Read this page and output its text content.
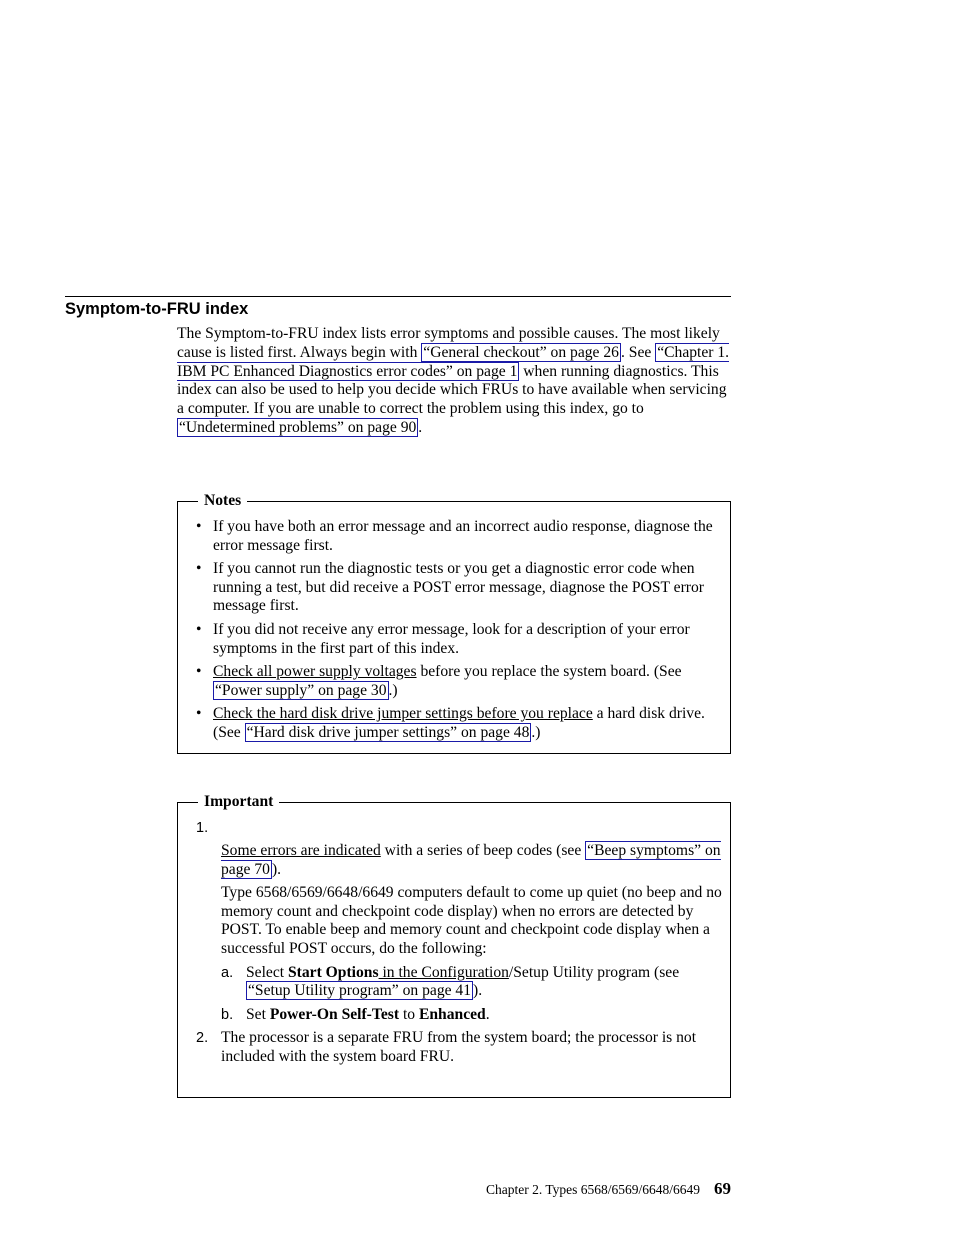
Symptom-to-FRU index

The Symptom-to-FRU index lists error symptoms and possible causes. The most likely cause is listed first. Always begin with “General checkout” on page 26 . See “Chapter 1. IBM PC Enhanced Diagnostics error codes” on page 1 when running diagnostics. This index can also be used to help you decide which FRUs to have available when servicing a computer. If you are unable to correct the problem using this index, go to “Undetermined problems” on page 90 .

Notes
• If you have both an error message and an incorrect audio response, diagnose the error message first.
• If you cannot run the diagnostic tests or you get a diagnostic error code when running a test, but did receive a POST error message, diagnose the POST error message first.
• If you did not receive any error message, look for a description of your error symptoms in the first part of this index.
• Check all power supply voltages before you replace the system board. (See “Power supply” on page 30 .)
• Check the hard disk drive jumper settings before you replace a hard disk drive. (See “Hard disk drive jumper settings” on page 48 .)
Important
1.

Some errors are indicated with a series of beep codes (see “Beep symptoms” on page 70 ).

Type 6568/6569/6648/6649 computers default to come up quiet (no beep and no memory count and checkpoint code display) when no errors are detected by POST. To enable beep and memory count and checkpoint code display when a successful POST occurs, do the following:

a. Select Start Options in the Configuration/Setup Utility program (see “Setup Utility program” on page 41 ).
b. Set Power-On Self-Test to Enhanced.
2. The processor is a separate FRU from the system board; the processor is not included with the system board FRU.
Chapter 2. Types 6568/6569/6648/6649 69
